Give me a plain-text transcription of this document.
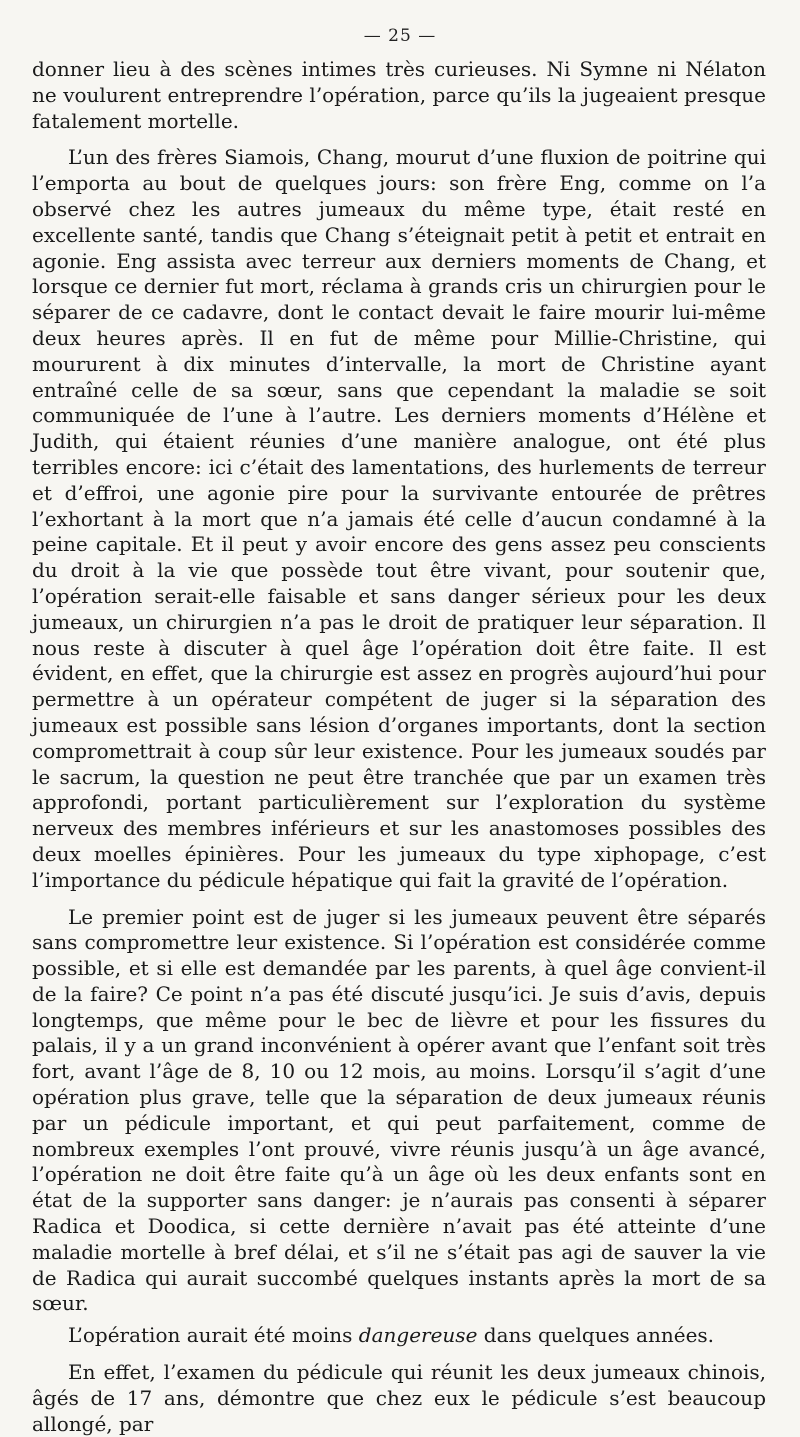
— 25 —

donner lieu à des scènes intimes très curieuses. Ni Symne ni Nélaton ne voulurent entreprendre l’opération, parce qu’ils la jugeaient presque fatalement mortelle.

L’un des frères Siamois, Chang, mourut d’une fluxion de poitrine qui l’emporta au bout de quelques jours: son frère Eng, comme on l’a observé chez les autres jumeaux du même type, était resté en excellente santé, tandis que Chang s’éteignait petit à petit et entrait en agonie. Eng assista avec terreur aux derniers moments de Chang, et lorsque ce dernier fut mort, réclama à grands cris un chirurgien pour le séparer de ce cadavre, dont le contact devait le faire mourir lui-même deux heures après. Il en fut de même pour Millie-Christine, qui moururent à dix minutes d’intervalle, la mort de Christine ayant entraîné celle de sa sœur, sans que cependant la maladie se soit communiquée de l’une à l’autre. Les derniers moments d’Hélène et Judith, qui étaient réunies d’une manière analogue, ont été plus terribles encore: ici c’était des lamentations, des hurlements de terreur et d’effroi, une agonie pire pour la survivante entourée de prêtres l’exhortant à la mort que n’a jamais été celle d’aucun condamné à la peine capitale. Et il peut y avoir encore des gens assez peu conscients du droit à la vie que possède tout être vivant, pour soutenir que, l’opération serait-elle faisable et sans danger sérieux pour les deux jumeaux, un chirurgien n’a pas le droit de pratiquer leur séparation. Il nous reste à discuter à quel âge l’opération doit être faite. Il est évident, en effet, que la chirurgie est assez en progrès aujourd’hui pour permettre à un opérateur compétent de juger si la séparation des jumeaux est possible sans lésion d’organes importants, dont la section compromettrait à coup sûr leur existence. Pour les jumeaux soudés par le sacrum, la question ne peut être tranchée que par un examen très approfondi, portant particulièrement sur l’exploration du système nerveux des membres inférieurs et sur les anastomoses possibles des deux moelles épinières. Pour les jumeaux du type xiphopage, c’est l’importance du pédicule hépatique qui fait la gravité de l’opération.

Le premier point est de juger si les jumeaux peuvent être séparés sans compromettre leur existence. Si l’opération est considérée comme possible, et si elle est demandée par les parents, à quel âge convient-il de la faire? Ce point n’a pas été discuté jusqu’ici. Je suis d’avis, depuis longtemps, que même pour le bec de lièvre et pour les fissures du palais, il y a un grand inconvénient à opérer avant que l’enfant soit très fort, avant l’âge de 8, 10 ou 12 mois, au moins. Lorsqu’il s’agit d’une opération plus grave, telle que la séparation de deux jumeaux réunis par un pédicule important, et qui peut parfaitement, comme de nombreux exemples l’ont prouvé, vivre réunis jusqu’à un âge avancé, l’opération ne doit être faite qu’à un âge où les deux enfants sont en état de la supporter sans danger: je n’aurais pas consenti à séparer Radica et Doodica, si cette dernière n’avait pas été atteinte d’une maladie mortelle à bref délai, et s’il ne s’était pas agi de sauver la vie de Radica qui aurait succombé quelques instants après la mort de sa sœur.

L’opération aurait été moins dangereuse dans quelques années.

En effet, l’examen du pédicule qui réunit les deux jumeaux chinois, âgés de 17 ans, démontre que chez eux le pédicule s’est beaucoup allongé, par
